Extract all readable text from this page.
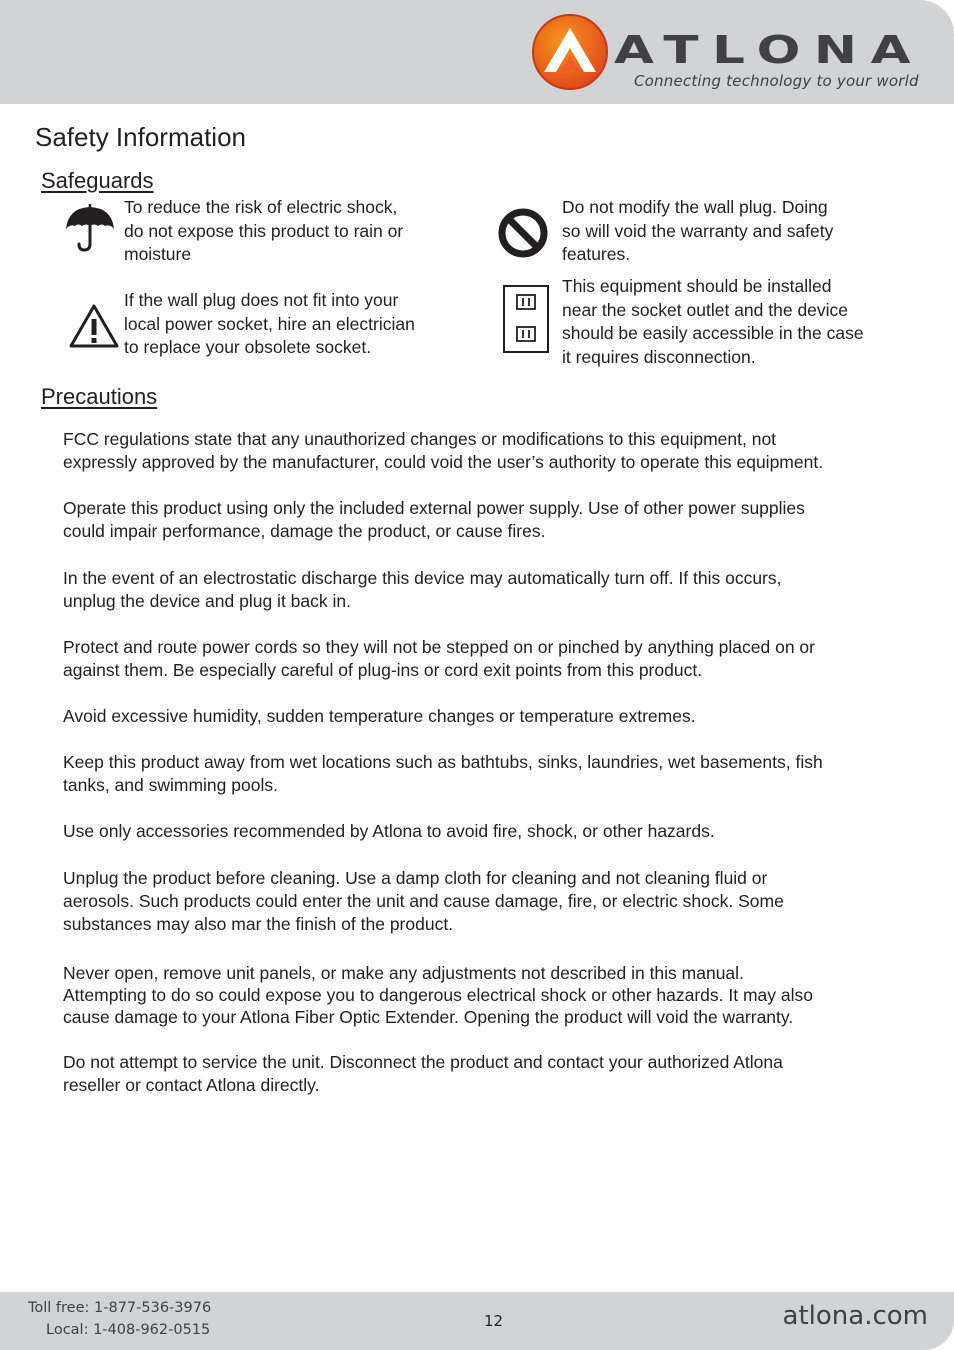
ATLONA
Connecting technology to your world
Safety Information
Safeguards
To reduce the risk of electric shock,
do not expose this product to rain or
moisture
If the wall plug does not fit into your
local power socket, hire an electrician
to replace your obsolete socket.
Do not modify the wall plug. Doing
so will void the warranty and safety
features.
This equipment should be installed
near the socket outlet and the device
should be easily accessible in the case
it requires disconnection.
Precautions
FCC regulations state that any unauthorized changes or modifications to this equipment, not
expressly approved by the manufacturer, could void the user’s authority to operate this equipment.
Operate this product using only the included external power supply. Use of other power supplies
could impair performance, damage the product, or cause fires.
In the event of an electrostatic discharge this device may automatically turn off. If this occurs,
unplug the device and plug it back in.
Protect and route power cords so they will not be stepped on or pinched by anything placed on or
against them. Be especially careful of plug-ins or cord exit points from this product.
Avoid excessive humidity, sudden temperature changes or temperature extremes.
Keep this product away from wet locations such as bathtubs, sinks, laundries, wet basements, fish
tanks, and swimming pools.
Use only accessories recommended by Atlona to avoid fire, shock, or other hazards.
Unplug the product before cleaning. Use a damp cloth for cleaning and not cleaning fluid or
aerosols. Such products could enter the unit and cause damage, fire, or electric shock. Some
substances may also mar the finish of the product.
Never open, remove unit panels, or make any adjustments not described in this manual.
Attempting to do so could expose you to dangerous electrical shock or other hazards. It may also
cause damage to your Atlona Fiber Optic Extender. Opening the product will void the warranty.
Do not attempt to service the unit. Disconnect the product and contact your authorized Atlona
reseller or contact Atlona directly.
Toll free: 1-877-536-3976
Local: 1-408-962-0515	12	atlona.com
